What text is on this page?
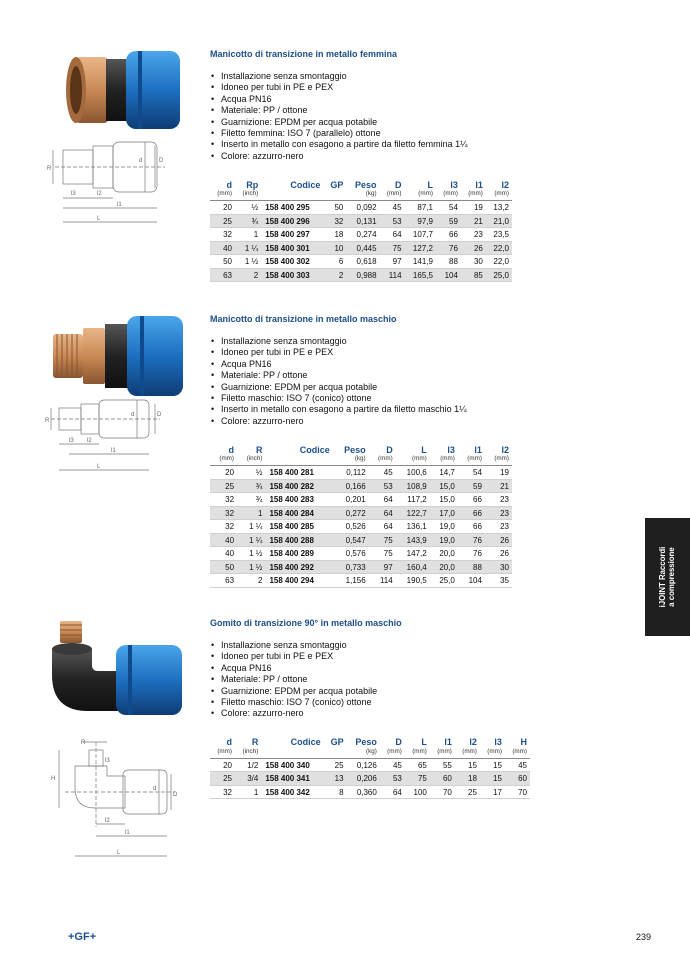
R
d	D
l3	l2
l1
L
Manicotto di transizione in metallo femmina
• Installazione senza smontaggio
• Idoneo per tubi in PE e PEX
• Acqua PN16
• Materiale: PP / ottone
• Guarnizione: EPDM per acqua potabile
• Filetto femmina: ISO 7 (parallelo) ottone
• Inserto in metallo con esagono a partire da filetto femmina 1¼
• Colore: azzurro-nero
d	Rp	Codice	GP	Peso	D	L	l3	l1	l2
(mm)	(inch)			(kg)	(mm)	(mm)	(mm)	(mm)	(mm)
20	½	158 400 295	50	0,092	45	87,1	54	19	13,2
25	¾	158 400 296	32	0,131	53	97,9	59	21	21,0
32	1	158 400 297	18	0,274	64	107,7	66	23	23,5
40	1 ¼	158 400 301	10	0,445	75	127,2	76	26	22,0
50	1 ½	158 400 302	6	0,618	97	141,9	88	30	22,0
63	2	158 400 303	2	0,988	114	165,5	104	85	25,0
R
d	D
l3 l2
l1
L
Manicotto di transizione in metallo maschio
• Installazione senza smontaggio
• Idoneo per tubi in PE e PEX
• Acqua PN16
• Materiale: PP / ottone
• Guarnizione: EPDM per acqua potabile
• Filetto maschio: ISO 7 (conico) ottone
• Inserto in metallo con esagono a partire da filetto maschio 1¼
• Colore: azzurro-nero
d	R	Codice	Peso	D	L	l3	l1	l2
(mm)	(inch)		(kg)	(mm)	(mm)	(mm)	(mm)	(mm)
20	½	158 400 281	0,112	45	100,6	14,7	54	19
25	¾	158 400 282	0,166	53	108,9	15,0	59	21
32	¾	158 400 283	0,201	64	117,2	15,0	66	23
32	1	158 400 284	0,272	64	122,7	17,0	66	23
32	1 ¼	158 400 285	0,526	64	136,1	19,0	66	23
40	1 ¼	158 400 288	0,547	75	143,9	19,0	76	26
40	1 ½	158 400 289	0,576	75	147,2	20,0	76	26
50	1 ½	158 400 292	0,733	97	160,4	20,0	88	30
63	2	158 400 294	1,156	114	190,5	25,0	104	35
R
H
l3
d
D
l2
l1
L
Gomito di transizione 90° in metallo maschio
• Installazione senza smontaggio
• Idoneo per tubi in PE e PEX
• Acqua PN16
• Materiale: PP / ottone
• Guarnizione: EPDM per acqua potabile
• Filetto maschio: ISO 7 (conico) ottone
• Colore: azzurro-nero
d	R	Codice	GP	Peso	D	L	l1	l2	l3	H
(mm)	(inch)			(kg)	(mm)	(mm)	(mm)	(mm)	(mm)	(mm)
20	1/2	158 400 340	25	0,126	45	65	55	15	15	45
25	3/4	158 400 341	13	0,206	53	75	60	18	15	60
32	1	158 400 342	8	0,360	64	100	70	25	17	70
iJOINT Raccordi a compressione
+GF+	239
